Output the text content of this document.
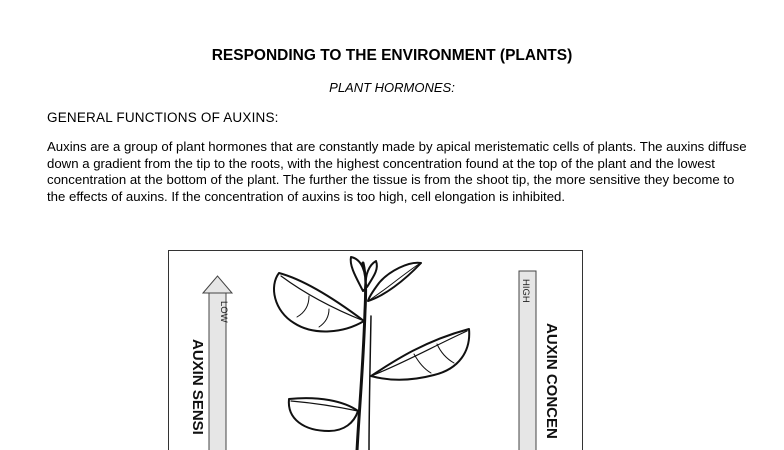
RESPONDING TO THE ENVIRONMENT (PLANTS)
PLANT HORMONES:
GENERAL FUNCTIONS OF AUXINS:
Auxins are a group of plant hormones that are constantly made by apical meristematic cells of plants. The auxins diffuse down a gradient from the tip to the roots, with the highest concentration found at the top of the plant and the lowest concentration at the bottom of the plant. The further the tissue is from the shoot tip, the more sensitive they become to the effects of auxins. If the concentration of auxins is too high, cell elongation is inhibited.
LOW
AUXIN SENSI
HIGH
AUXIN CONCEN
